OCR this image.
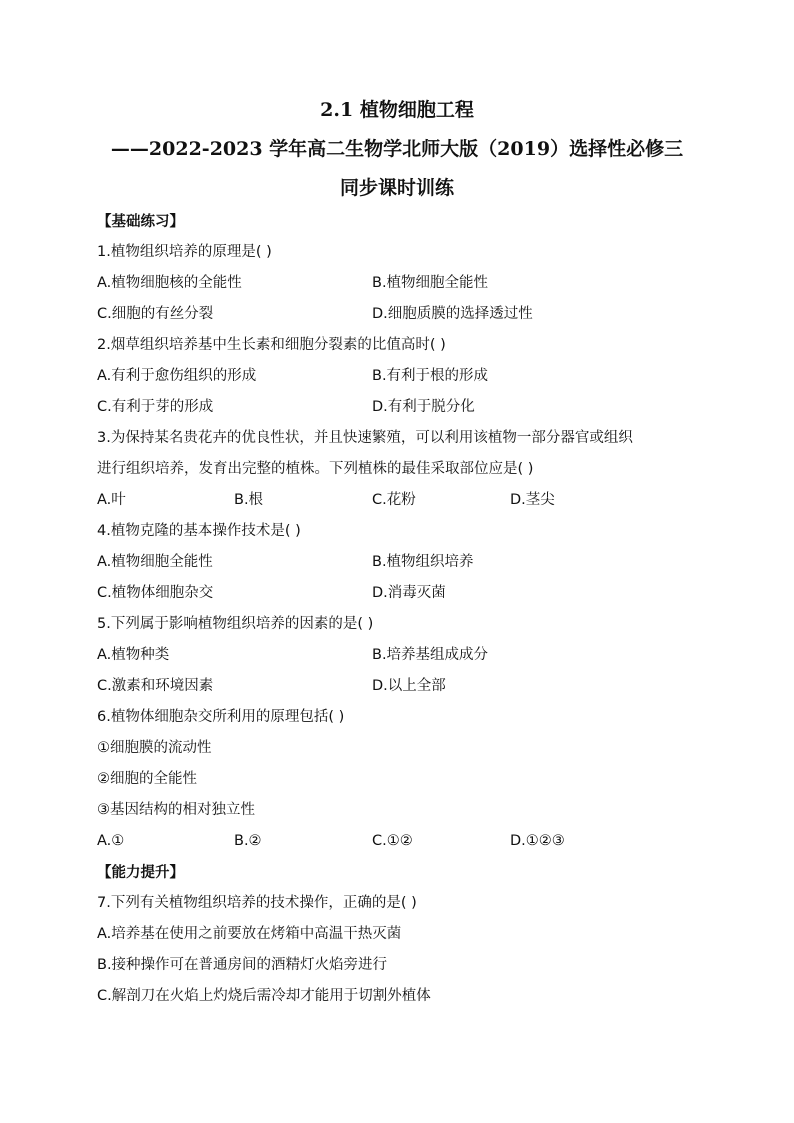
2.1 植物细胞工程
——2022-2023 学年高二生物学北师大版（2019）选择性必修三
同步课时训练
【基础练习】
1.植物组织培养的原理是( )
A.植物细胞核的全能性	B.植物细胞全能性
C.细胞的有丝分裂	D.细胞质膜的选择透过性
2.烟草组织培养基中生长素和细胞分裂素的比值高时( )
A.有利于愈伤组织的形成	B.有利于根的形成
C.有利于芽的形成	D.有利于脱分化
3.为保持某名贵花卉的优良性状，并且快速繁殖，可以利用该植物一部分器官或组织
进行组织培养，发育出完整的植株。下列植株的最佳采取部位应是( )
A.叶	B.根	C.花粉	D.茎尖
4.植物克隆的基本操作技术是( )
A.植物细胞全能性	B.植物组织培养
C.植物体细胞杂交	D.消毒灭菌
5.下列属于影响植物组织培养的因素的是( )
A.植物种类	B.培养基组成成分
C.激素和环境因素	D.以上全部
6.植物体细胞杂交所利用的原理包括( )
①细胞膜的流动性
②细胞的全能性
③基因结构的相对独立性
A.①	B.②	C.①②	D.①②③
【能力提升】
7.下列有关植物组织培养的技术操作，正确的是( )
A.培养基在使用之前要放在烤箱中高温干热灭菌
B.接种操作可在普通房间的酒精灯火焰旁进行
C.解剖刀在火焰上灼烧后需冷却才能用于切割外植体
